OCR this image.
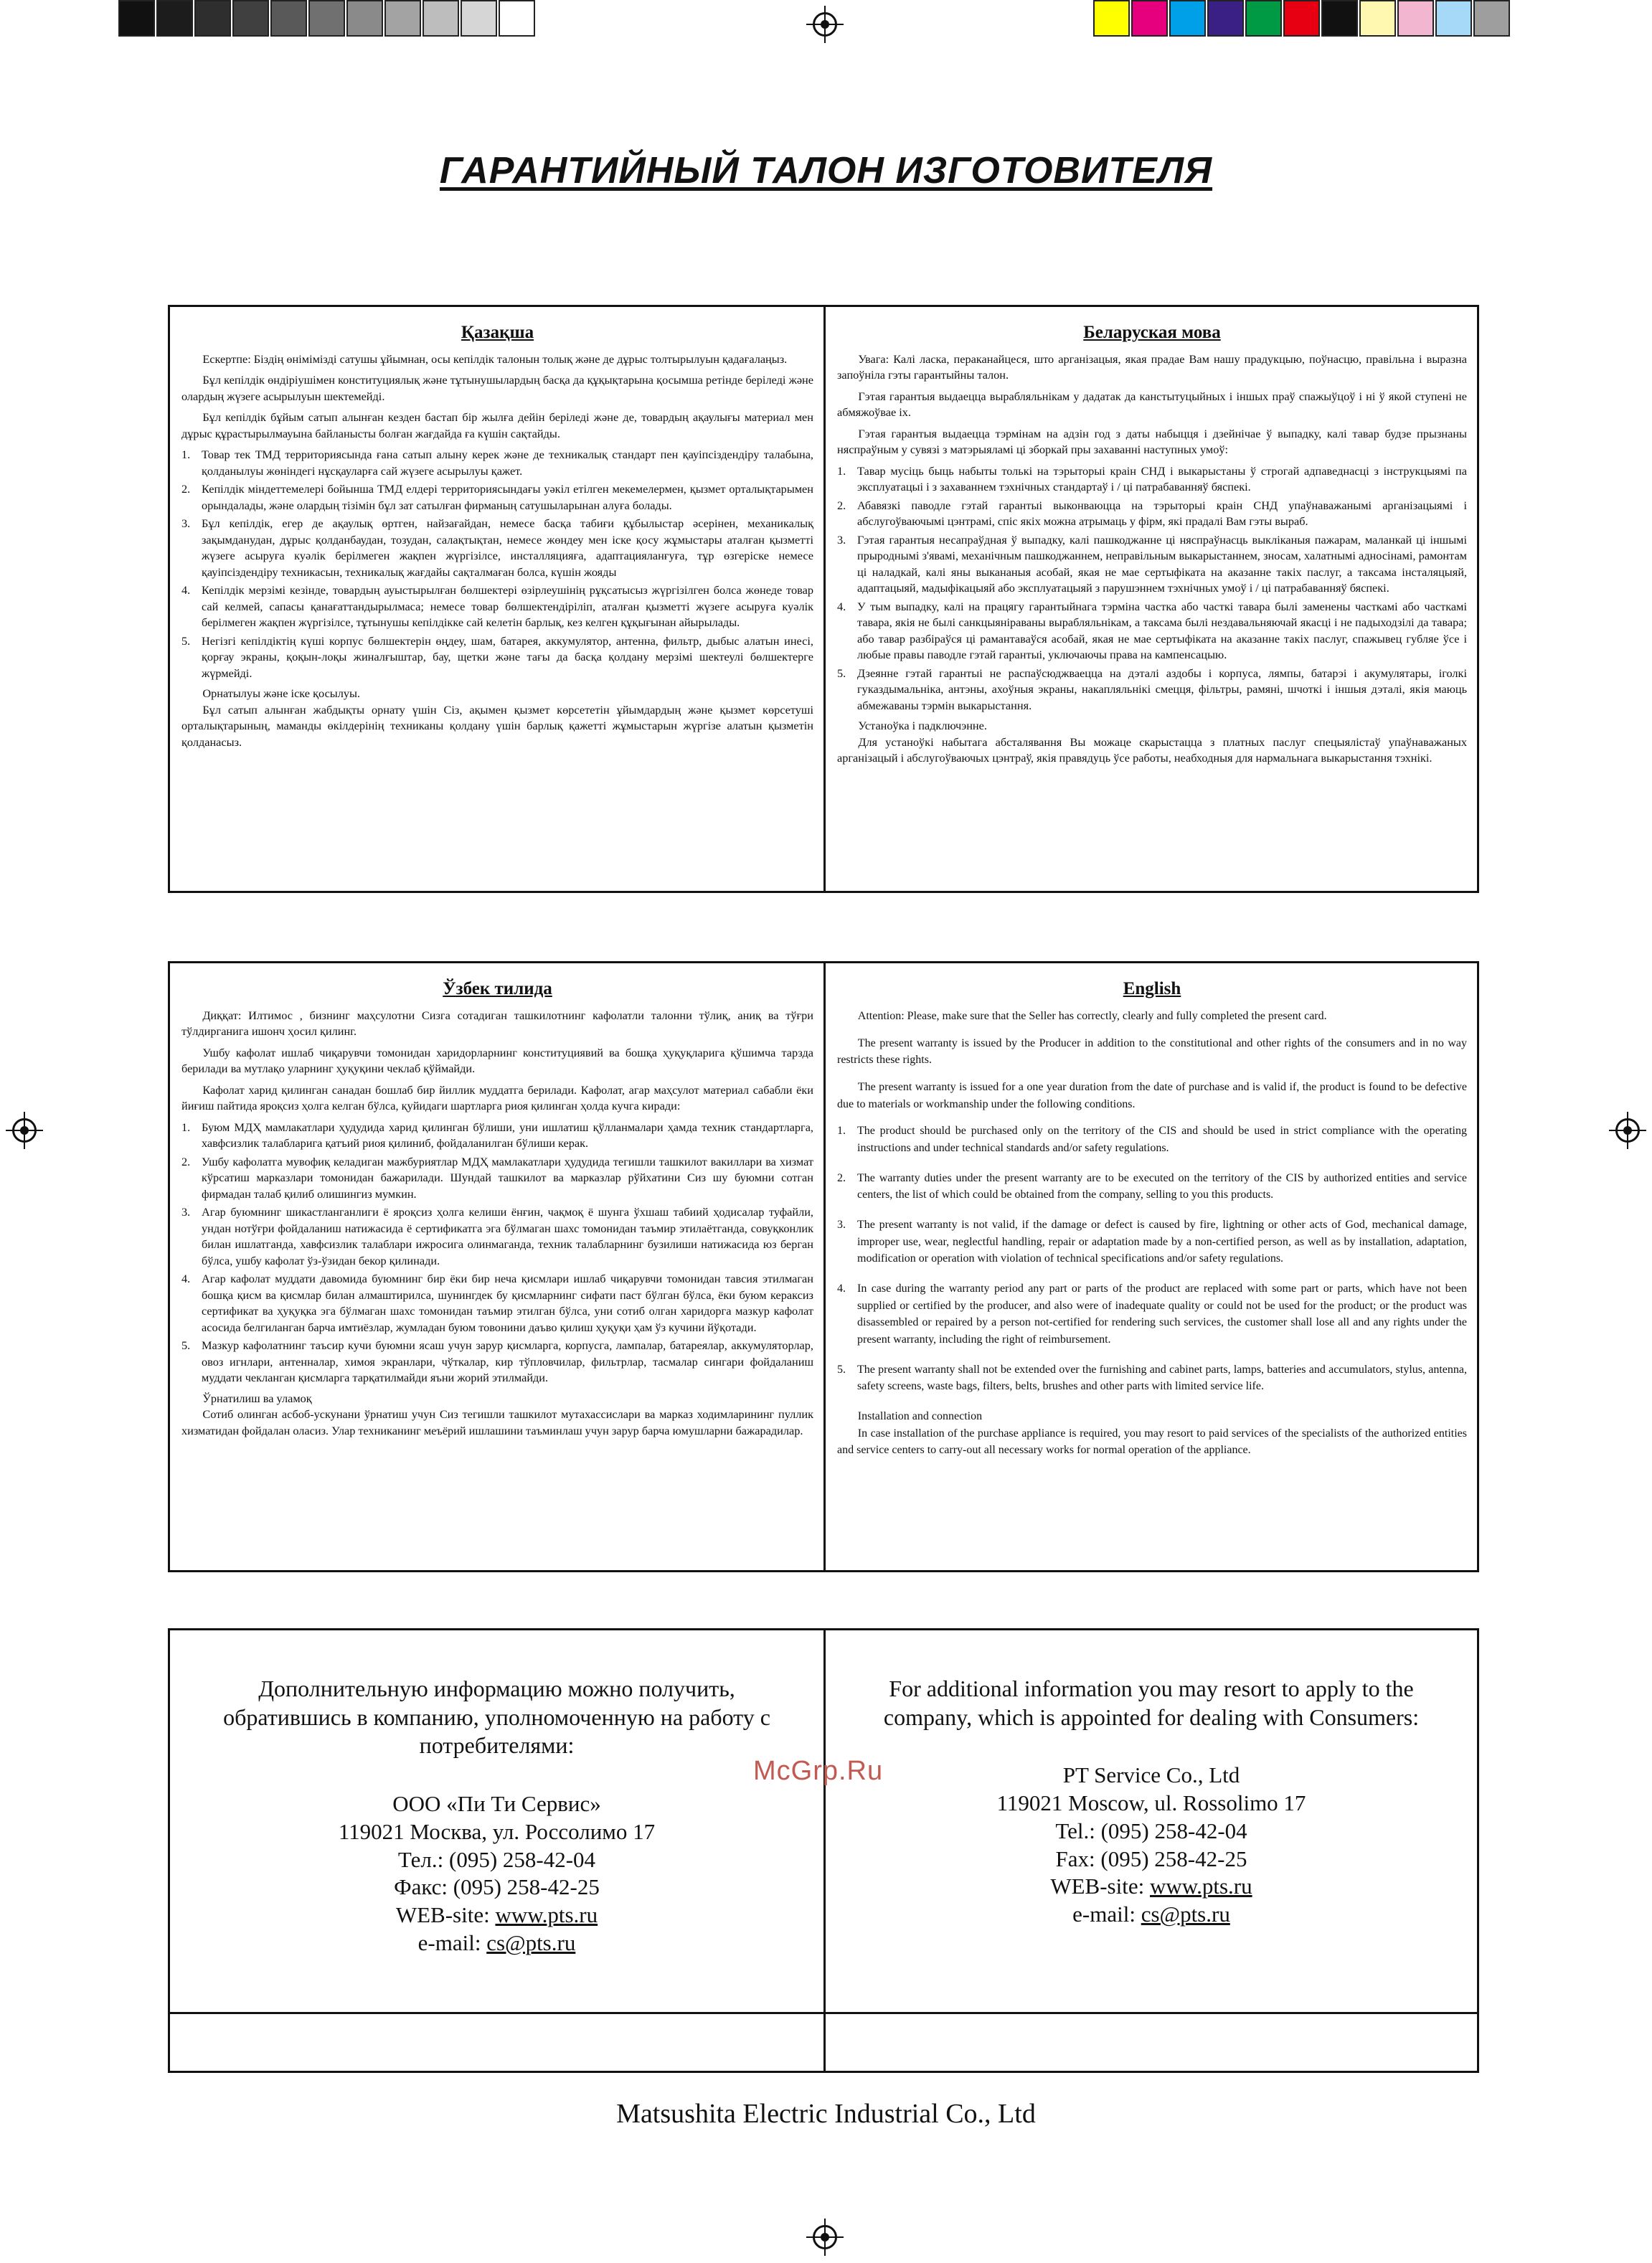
ГАРАНТИЙНЫЙ ТАЛОН ИЗГОТОВИТЕЛЯ
Қазақша

Ескертпе: Біздің өнімімізді сатушы ұйымнан, осы кепілдік талонын толық және де дұрыс толтырылуын қадағалаңыз.

Бұл кепілдік өндіріушімен конституциялық және тұтынушылардың басқа да құқықтарына қосымша ретінде беріледі және олардың жүзеге асырылуын шектемейді.

Бұл кепілдік бұйым сатып алынған кезден бастап бір жылға дейін беріледі және де, товардың ақаулығы материал мен дұрыс құрастырылмауына байланысты болған жағдайда ға күшін сақтайды.

1. Товар тек ТМД территориясында ғана сатып алыну керек және де техникалық стандарт пен қауіпсіздендіру талабына, қолданылуы жөніндегі нұсқауларға сай жүзеге асырылуы қажет.
2. Кепілдік міндеттемелері бойынша ТМД елдері территориясындағы уәкіл етілген мекемелермен, қызмет орталықтарымен орындалады, және олардың тізімін бұл зат сатылған фирманың сатушыларынан алуға болады.
3. Бұл кепілдік, егер де ақаулық өртген, найзағайдан, немесе басқа табиғи құбылыстар әсерінен, механикалық зақымданудан, дұрыс қолданбаудан, тозудан, салақтықтан, немесе жөндеу мен іске қосу жұмыстары аталған қызметті жүзеге асыруға куәлік берілмеген жақпен жүргізілсе, инсталляцияға, адаптацияланғуға, тұр өзгеріске немесе қауіпсіздендіру техникасын, техникалық жағдайы сақталмаған болса, күшін жояды
4. Кепілдік мерзімі кезінде, товардың ауыстырылған бөлшектері өзірлеушінің рұқсатысыз жүргізілген болса жөнеде товар сай келмей, сапасы қанағаттандырылмаса; немесе товар бөлшектендіріліп, аталған қызметті жүзеге асыруға куәлік берілмеген жақпен жүргізілсе, тұтынушы кепілдікке сай келетін барлық, кез келген құқығынан айырылады.
5. Негізгі кепілдіктің күші корпус бөлшектерін өңдеу, шам, батарея, аккумулятор, антенна, фильтр, дыбыс алатын инесі, қорғау экраны, қоқын-лоқы жиналғыштар, бау, щетки және тағы да басқа қолдану мерзімі шектеулі бөлшектерге жүрмейді.

Орнатылуы және іске қосылуы.

Бұл сатып алынған жабдықты орнату үшін Сіз, ақымен қызмет көрсететін ұйымдардың және қызмет көрсетуші орталықтарының, маманды өкілдерінің техниканы қолдану үшін барлық қажетті жұмыстарын жүргізе алатын қызметін қолданасыз.

Беларуская мова

Увага: Калі ласка, пераканайцеся, што арганізацыя, якая прадае Вам нашу прадукцыю, поўнасцю, правільна і выразна запоўніла гэты гарантыйны талон.

Гэтая гарантыя выдаецца вырабляльнікам у дадатак да канстытуцыйных і іншых праў спажыўцоў і ні ў якой ступені не абмяжоўвае іх.

Гэтая гарантыя выдаецца тэрмінам на адзін год з даты набыцця і дзейнічае ў выпадку, калі тавар будзе прызнаны няспраўным у сувязі з матэрыяламі ці зборкай пры захаванні наступных умоў:

1. Тавар мусіць быць набыты толькі на тэрыторыі краін СНД і выкарыстаны ў строгай адпаведнасці з інструкцыямі па эксплуатацыі і з захаваннем тэхнічных стандартаў і / ці патрабаванняў бяспекі.
2. Абавязкі паводле гэтай гарантыі выконваюцца на тэрыторыі краін СНД упаўнаважанымі арганізацыямі і абслугоўваючымі цэнтрамі, спіс якіх можна атрымаць у фірм, якi прадалі Вам гэты выраб.
3. Гэтая гарантыя несапраўдная ў выпадку, калі пашкоджанне ці няспраўнасць выкліканыя пажарам, маланкай ці іншымі прыроднымі з'явамі, механічным пашкоджаннем, неправільным выкарыстаннем, зносам, халатнымі адносінамі, рамонтам ці наладкай, калі яны выкананыя асобай, якая не мае сертыфіката на аказанне такіх паслуг, а таксама інсталяцыяй, адаптацыяй, мадыфікацыяй або эксплуатацыяй з парушэннем тэхнічных умоў і / ці патрабаванняў бяспекі.
4. У тым выпадку, калі на працягу гарантыйнага тэрміна частка або часткі тавара былі заменены часткамі або часткамі тавара, якія не былі санкцыянiраваны вырабляльнікам, а таксама былі нездавальняючай якасці і не падыходзілі да тавара; або тавар разбіраўся ці рамантаваўся асобай, якая не мае сертыфіката на аказанне такіх паслуг, спажывец губляе ўсе і любые правы паводле гэтай гарантыі, уключаючы права на кампенсацыю.
5. Дзеянне гэтай гарантыі не распаўсюджваецца на дэталі аздобы і корпуса, лямпы, батарэі і акумулятары, іголкі гуказдымальніка, антэны, ахоўныя экраны, накапляльнікі смецця, фільтры, рамяні, шчоткі і іншыя дэталі, якія маюць абмежаваны тэрмін выкарыстання.

Устаноўка і падключэнне.

Для устаноўкі набытага абсталявання Вы можаце скарыстацца з платных паслуг спецыялістаў упаўнаважаных арганізацый і абслугоўваючых цэнтраў, якія правядуць ўсе работы, неабходныя для нармальнага выкарыстання тэхнікі.

Ўзбек тилида

Диққат: Илтимос , бизнинг маҳсулотни Сизга сотадиган ташкилотнинг кафолатли талонни тўлиқ, аниқ ва тўғри тўлдирганига ишонч ҳосил қилинг.

Ушбу кафолат ишлаб чиқарувчи томонидан харидорларнинг конституциявий ва бошқа ҳуқуқларига қўшимча тарзда берилади ва мутлақо уларнинг ҳуқуқини чеклаб қўймайди.

Кафолат харид қилинган санадан бошлаб бир йиллик муддатга берилади. Кафолат, агар маҳсулот материал сабабли ёки йиғиш пайтида яроқсиз ҳолга келган бўлса, қуйидаги шартларга риоя қилинган ҳолда кучга киради:

1. Буюм МДҲ мамлакатлари ҳудудида харид қилинган бўлиши, уни ишлатиш қўлланмалари ҳамда техник стандартларга, хавфсизлик талабларига қатъий риоя қилиниб, фойдаланилган бўлиши керак.
2. Ушбу кафолатга мувофиқ келадиган мажбуриятлар МДҲ мамлакатлари ҳудудида тегишли ташкилот вакиллари ва хизмат кўрсатиш марказлари томонидан бажарилади. Шундай ташкилот ва марказлар рўйхатини Сиз шу буюмни сотган фирмадан талаб қилиб олишингиз мумкин.
3. Агар буюмнинг шикастланганлиги ё яроқсиз ҳолга келиши ёнғин, чақмоқ ё шунга ўхшаш табиий ҳодисалар туфайли, ундан нотўғри фойдаланиш натижасида ё сертификатга эга бўлмаган шахс томонидан таъмир этилаётганда, совуқконлик билан ишлатганда, хавфсизлик талаблари ижросига олинмаганда, техник талабларнинг бузилиши натижасида юз берган бўлса, ушбу кафолат ўз-ўзидан бекор қилинади.
4. Агар кафолат муддати давомида буюмнинг бир ёки бир неча қисмлари ишлаб чиқарувчи томонидан тавсия этилмаган бошқа қисм ва қисмлар билан алмаштирилса, шунингдек бу қисмларнинг сифати паст бўлган бўлса, ёки буюм кераксиз сертификат ва ҳуқуқка эга бўлмаган шахс томонидан таъмир этилган бўлса, уни сотиб олган харидорга мазкур кафолат асосида белгиланган барча имтиёзлар, жумладан буюм товонини даъво қилиш ҳуқуқи ҳам ўз кучини йўқотади.
5. Мазкур кафолатнинг таъсир кучи буюмни ясаш учун зарур қисмларга, корпусга, лампалар, батареялар, аккумуляторлар, овоз игнлари, антенналар, химоя экранлари, чўткалар, кир тўпловчилар, фильтрлар, тасмалар сингари фойдаланиш муддати чекланган қисмларга тарқатилмайди яъни жорий этилмайди.

Ўрнатилиш ва уламоқ

Сотиб олинган асбоб-ускунани ўрнатиш учун Сиз тегишли ташкилот мутахассислари ва марказ ходимларининг пуллик хизматидан фойдалан оласиз. Улар техниканинг меъёрий ишлашини таъминлаш учун зарур барча юмушларни бажарадилар.

English

Attention: Please, make sure that the Seller has correctly, clearly and fully completed the present card.

The present warranty is issued by the Producer in addition to the constitutional and other rights of the consumers and in no way restricts these rights.

The present warranty is issued for a one year duration from the date of purchase and is valid if, the product is found to be defective due to materials or workmanship under the following conditions.

1.	The product should be purchased only on the territory of the CIS and should be used in strict compliance with the operating instructions and under technical standards and/or safety regulations.
2.	The warranty duties under the present warranty are to be executed on the territory of the CIS by authorized entities and service centers, the list of which could be obtained from the company, selling to you this products.
3.	The present warranty is not valid, if the damage or defect is caused by fire, lightning or other acts of God, mechanical damage, improper use, wear, neglectful handling, repair or adaptation made by a non-certified person, as well as by installation, adaptation, modification or operation with violation of technical specifications and/or safety regulations.
4.	In case during the warranty period any part or parts of the product are replaced with some part or parts, which have not been supplied or certified by the producer, and also were of inadequate quality or could not be used for the product; or the product was disassembled or repaired by a person not-certified for rendering such services, the customer shall lose all and any rights under the present warranty, including the right of reimbursement.
5.	The present warranty shall not be extended over the furnishing and cabinet parts, lamps, batteries and accumulators, stylus, antenna, safety screens, waste bags, filters, belts, brushes and other parts with limited service life.

Installation and connection

In case installation of the purchase appliance is required, you may resort to paid services of the specialists of the authorized entities and service centers to carry-out all necessary works for normal operation of the appliance.

Дополнительную информацию можно получить, обратившись в компанию, уполномоченную на работу с потребителями:
ООО «Пи Ти Сервис»
119021 Москва, ул. Россолимо 17
Тел.: (095) 258-42-04
Факс: (095) 258-42-25
WEB-site: www.pts.ru
e-mail: cs@pts.ru
For additional information you may resort to apply to the company, which is appointed for dealing with Consumers:
PT Service Co., Ltd
119021 Moscow, ul. Rossolimo 17
Tel.: (095) 258-42-04
Fax: (095) 258-42-25
WEB-site: www.pts.ru
e-mail: cs@pts.ru
McGrp.Ru
Matsushita Electric Industrial Co., Ltd
